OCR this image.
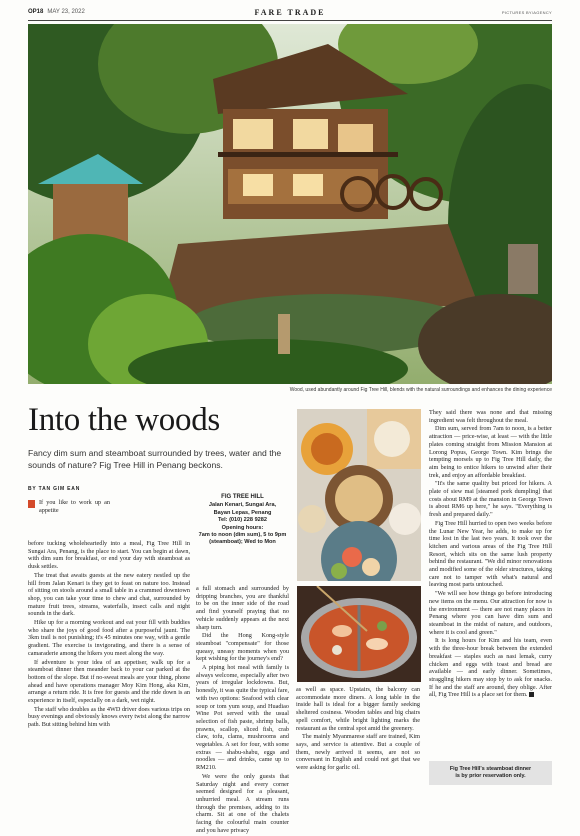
OP18 MAY 23, 2022	FARE TRADE	PICTURES BY/AGENCY
Wood, used abundantly around Fig Tree Hill, blends with the natural surroundings and enhances the dining experience
Into the woods

Fancy dim sum and steamboat surrounded by trees, water and the sounds of nature? Fig Tree Hill in Penang beckons.

BY TAN GIM EAN

If you like to work up an appetite

before tucking wholeheartedly into a meal, Fig Tree Hill in Sungai Ara, Penang, is the place to start. You can begin at dawn, with dim sum for breakfast, or end your day with steamboat as dusk settles.

The treat that awaits guests at the new eatery nestled up the hill from Jalan Kenari is they get to feast on nature too. Instead of sitting on stools around a small table in a crammed downtown shop, you can take your time to chew and chat, surrounded by mature fruit trees, streams, waterfalls, insect calls and night sounds in the dark.

Hike up for a morning workout and eat your fill with buddies who share the joys of good food after a purposeful jaunt. The 3km trail is not punishing; it's 45 minutes one way, with a gentle gradient. The exercise is invigorating, and there is a sense of camaraderie among the hikers you meet along the way.

If adventure is your idea of an appetiser, walk up for a steamboat dinner then meander back to your car parked at the bottom of the slope. But if no-sweat meals are your thing, phone ahead and have operations manager Moy Kim Hong, aka Kim, arrange a return ride. It is free for guests and the ride down is an experience in itself, especially on a dark, wet night.

The staff who doubles as the 4WD driver does various trips on busy evenings and obviously knows every twist along the narrow path. But sitting behind him with

FIG TREE HILL
Jalan Kenari, Sungai Ara,
Bayan Lepas, Penang
Tel: (010) 228 9282
Opening hours:
7am to noon (dim sum), 5 to 9pm
(steamboat); Wed to Mon

a full stomach and surrounded by dripping branches, you are thankful to be on the inner side of the road and find yourself praying that no vehicle suddenly appears at the next sharp turn.

Did the Hong Kong-style steamboat "compensate" for those queasy, uneasy moments when you kept wishing for the journey's end?

A piping hot meal with family is always welcome, especially after two years of irregular lockdowns. But, honestly, it was quite the typical fare, with two options: Seafood with clear soup or tom yum soup, and Huadiao Wine Pot served with the usual selection of fish paste, shrimp balls, prawns, scallop, sliced fish, crab claw, tofu, clams, mushrooms and vegetables. A set for four, with some extras — shabu-shabu, eggs and noodles — and drinks, came up to RM210.

We were the only guests that Saturday night and every corner seemed designed for a pleasant, unhurried meal. A stream runs through the premises, adding to its charm. Sit at one of the chalets facing the colourful main counter and you have privacy

as well as space. Upstairs, the balcony can accommodate more diners. A long table in the inside hall is ideal for a bigger family seeking sheltered cosiness. Wooden tables and big chairs spell comfort, while bright lighting marks the restaurant as the central spot amid the greenery.

The mainly Myanmarese staff are trained, Kim says, and service is attentive. But a couple of them, newly arrived it seems, are not so conversant in English and could not get that we were asking for garlic oil.

They said there was none and that missing ingredient was felt throughout the meal.

Dim sum, served from 7am to noon, is a better attraction — price-wise, at least — with the little plates coming straight from Mission Mansion at Lorong Popus, George Town. Kim brings the tempting morsels up to Fig Tree Hill daily, the aim being to entice hikers to unwind after their trek, and enjoy an affordable breakfast.

"It's the same quality but priced for hikers. A plate of siew mai [steamed pork dumpling] that costs about RM9 at the mansion in George Town is about RM6 up here," he says. "Everything is fresh and prepared daily."

Fig Tree Hill hurried to open two weeks before the Lunar New Year, he adds, to make up for time lost in the last two years. It took over the kitchen and various areas of the Fig Tree Hill Resort, which sits on the same lush property behind the restaurant. "We did minor renovations and modified some of the older structures, taking care not to tamper with what's natural and leaving most parts untouched.

"We will see how things go before introducing new items on the menu. Our attraction for now is the environment — there are not many places in Penang where you can have dim sum and steamboat in the midst of nature, and outdoors, where it is cool and green."

It is long hours for Kim and his team, even with the three-hour break between the extended breakfast — staples such as nasi lemak, curry chicken and eggs with toast and bread are available — and early dinner. Sometimes, straggling hikers may stop by to ask for snacks. If he and the staff are around, they oblige. After all, Fig Tree Hill is a place set for them.

Fig Tree Hill's steamboat dinner
is by prior reservation only.
